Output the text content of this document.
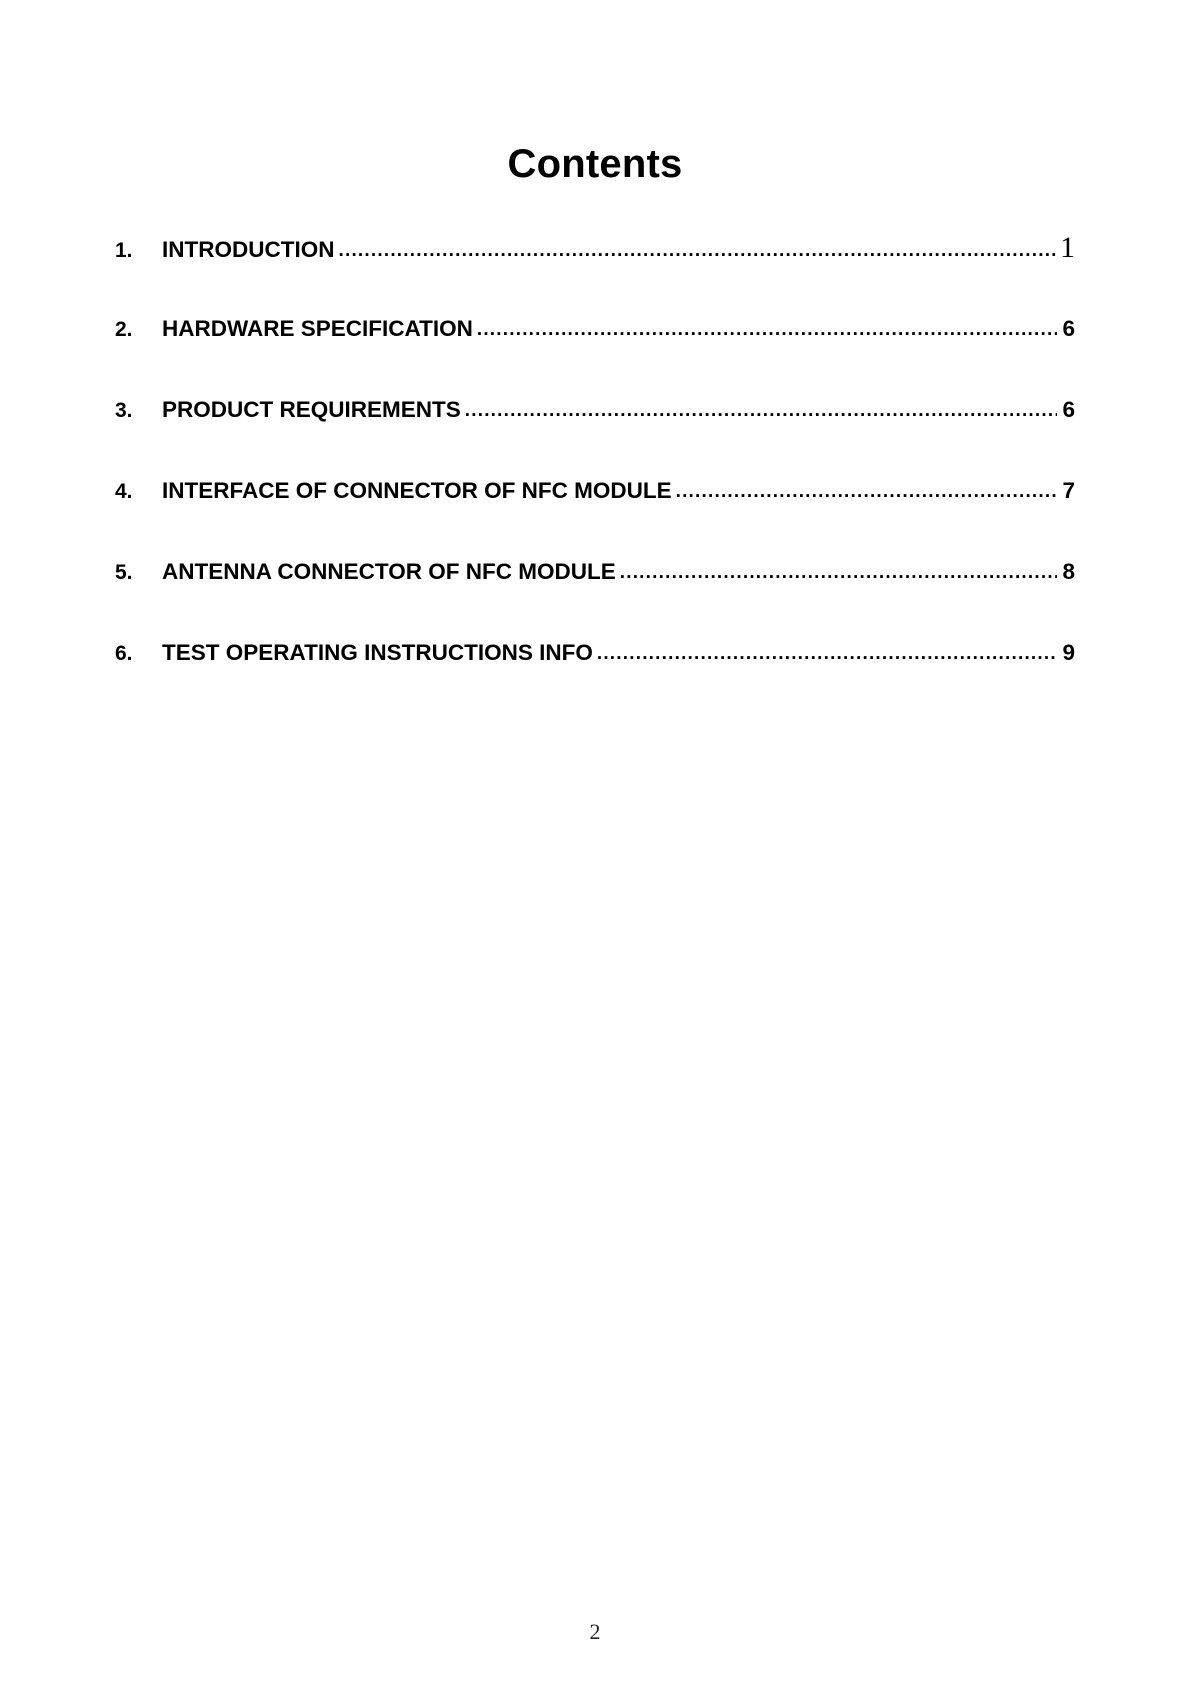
Contents
1.	INTRODUCTION .....	1
2.	HARDWARE SPECIFICATION .....	6
3.	PRODUCT REQUIREMENTS .....	6
4.	INTERFACE OF CONNECTOR OF NFC MODULE .....	7
5.	ANTENNA CONNECTOR OF NFC MODULE .....	8
6.	TEST OPERATING INSTRUCTIONS INFO .....	9
2
